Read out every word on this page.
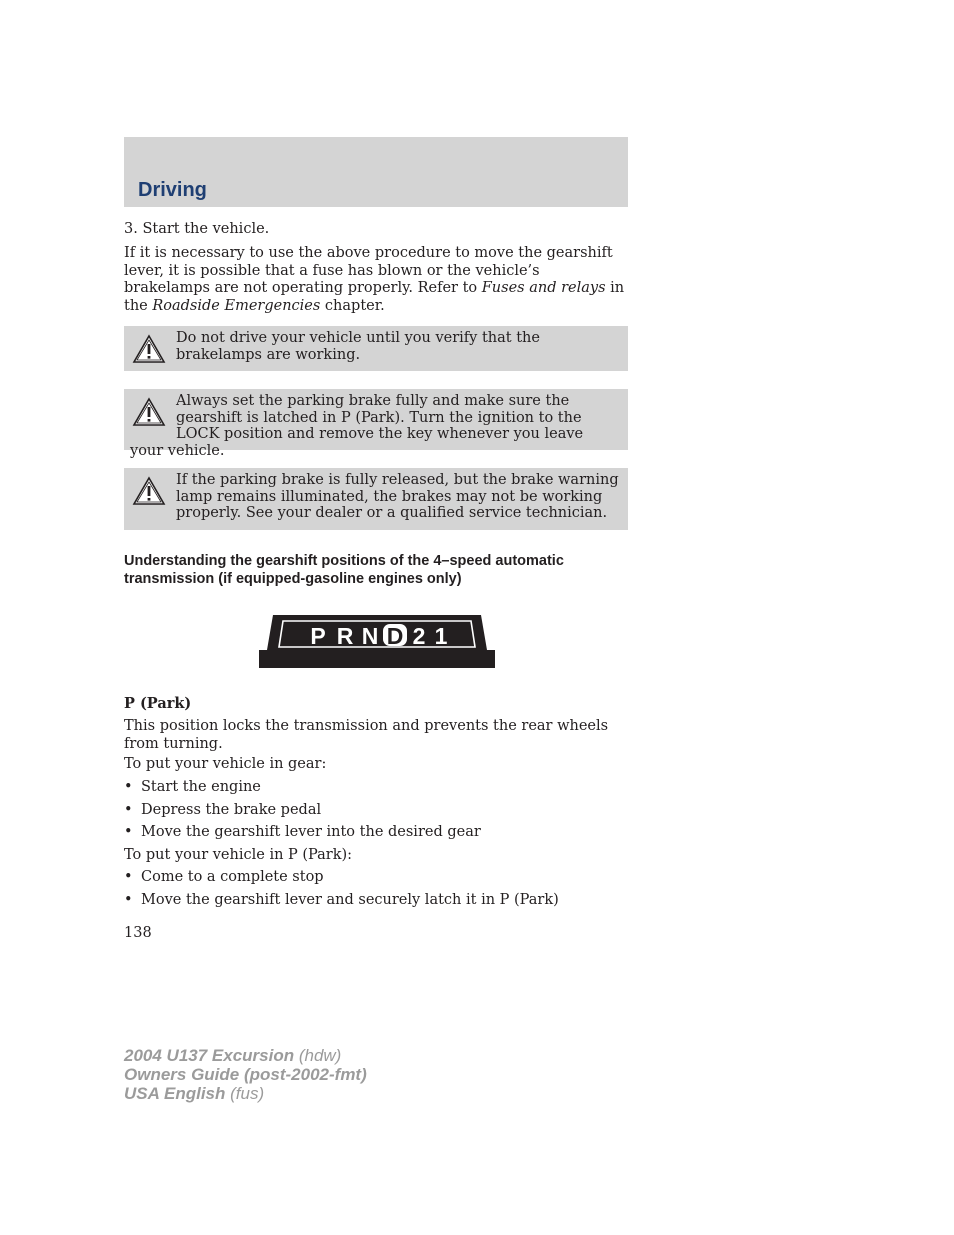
Driving

3. Start the vehicle.

If it is necessary to use the above procedure to move the gearshift lever, it is possible that a fuse has blown or the vehicle’s brakelamps are not operating properly. Refer to Fuses and relays in the Roadside Emergencies chapter.

Do not drive your vehicle until you verify that the brakelamps are working.
Always set the parking brake fully and make sure the gearshift is latched in P (Park). Turn the ignition to the LOCK position and remove the key whenever you leave your vehicle.
If the parking brake is fully released, but the brake warning lamp remains illuminated, the brakes may not be working properly. See your dealer or a qualified service technician.
Understanding the gearshift positions of the 4–speed automatic transmission (if equipped-gasoline engines only)
P R N D 2 1
P (Park)

This position locks the transmission and prevents the rear wheels from turning.

To put your vehicle in gear:

• Start the engine
• Depress the brake pedal
• Move the gearshift lever into the desired gear

To put your vehicle in P (Park):

• Come to a complete stop
• Move the gearshift lever and securely latch it in P (Park)
138
2004 U137 Excursion (hdw)
Owners Guide (post-2002-fmt)
USA English (fus)
